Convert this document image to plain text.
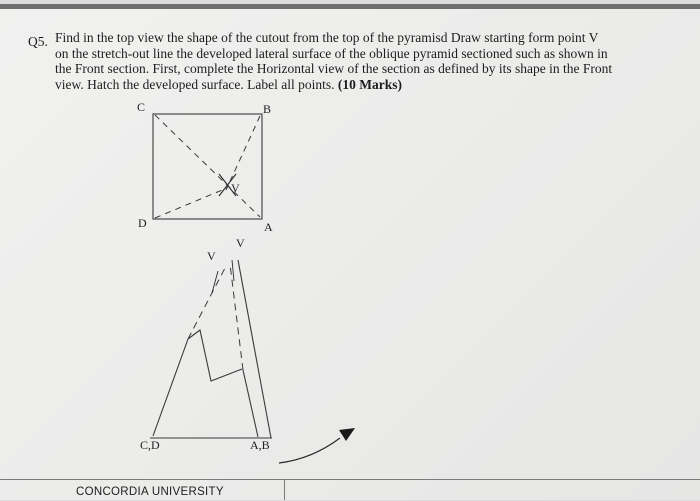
Q5. Find in the top view the shape of the cutout from the top of the pyramisd Draw starting form point V on the stretch-out line the developed lateral surface of the oblique pyramid sectioned such as shown in the Front section. First, complete the Horizontal view of the section as defined by its shape in the Front view. Hatch the developed surface. Label all points. (10 Marks)
C	B
D	A
V
V
V
C,D	A,B
CONCORDIA UNIVERSITY
